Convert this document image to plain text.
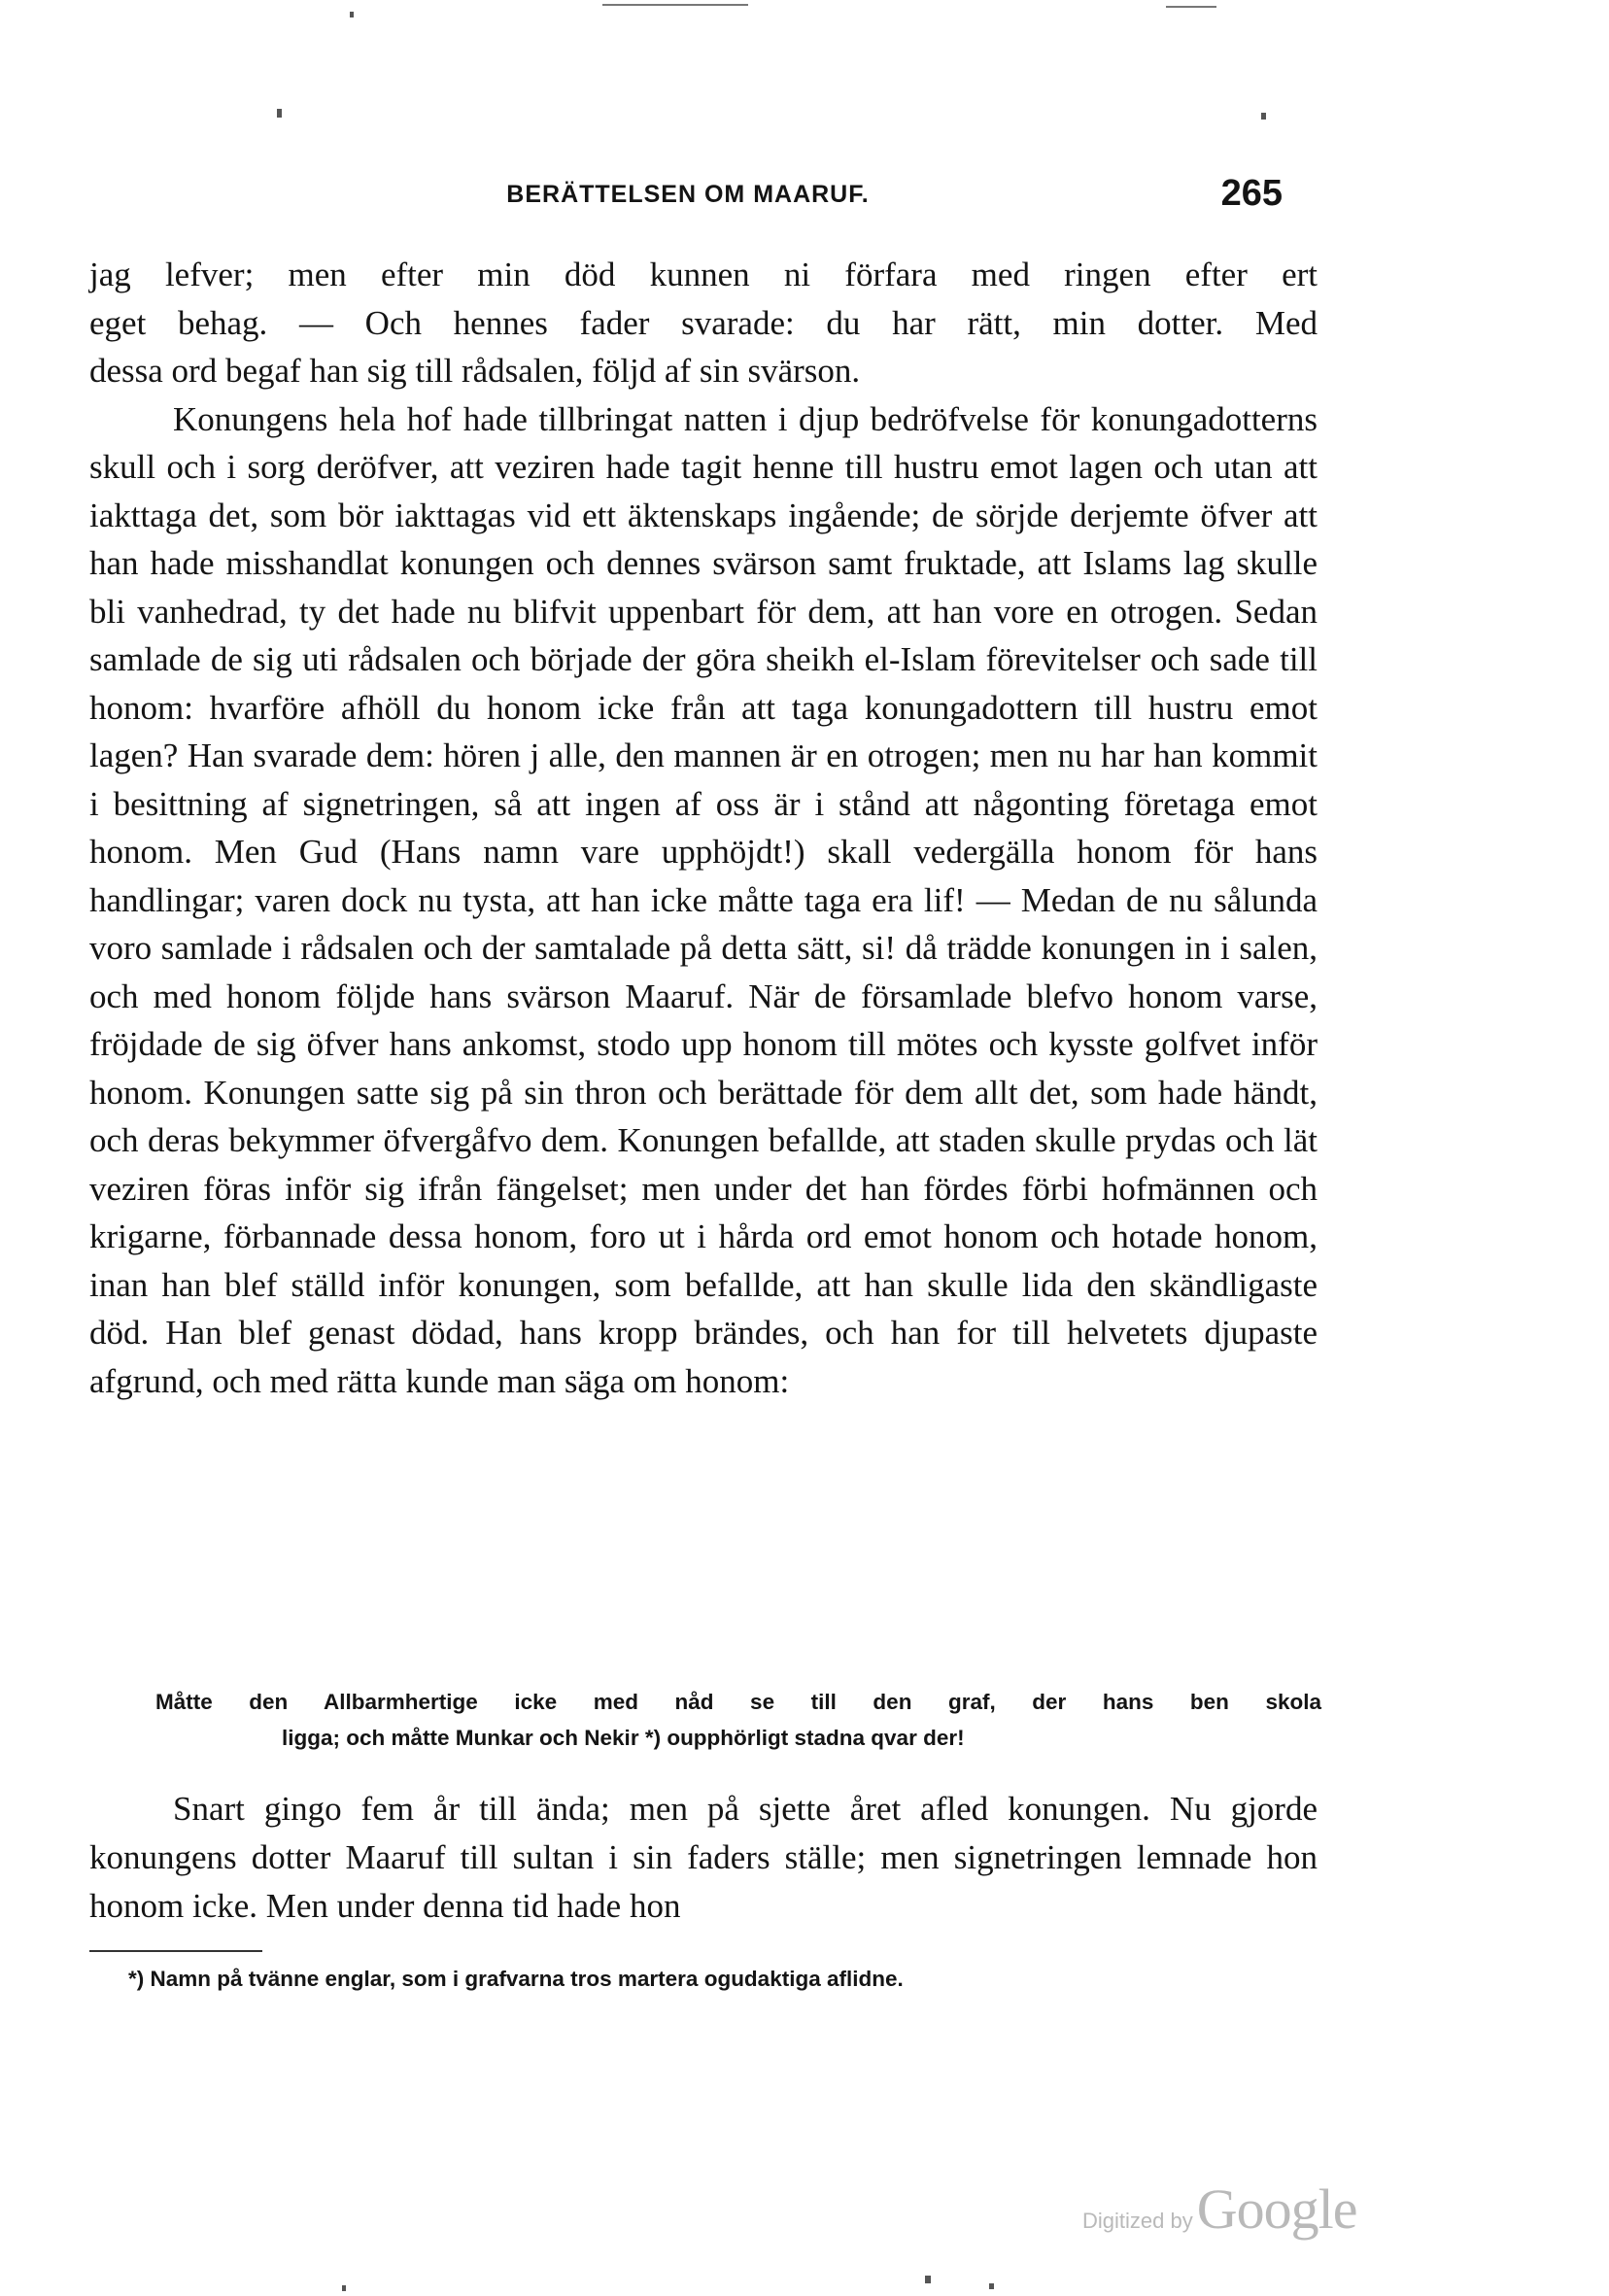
BERÄTTELSEN OM MAARUF.	265

jag lefver; men efter min död kunnen ni förfara med ringen efter ert

eget behag. — Och hennes fader svarade: du har rätt, min dotter. Med

dessa ord begaf han sig till rådsalen, följd af sin svärson.
Konungens hela hof hade tillbringat natten i djup bedröfvelse för konungadotterns skull och i sorg deröfver, att veziren hade tagit henne till hustru emot lagen och utan att iakttaga det, som bör iakttagas vid ett äktenskaps ingående; de sörjde derjemte öfver att han hade misshandlat konungen och dennes svärson samt fruktade, att Islams lag skulle bli vanhedrad, ty det hade nu blifvit uppenbart för dem, att han vore en otrogen. Sedan samlade de sig uti rådsalen och började der göra sheikh el-Islam förevitelser och sade till honom: hvarföre afhöll du honom icke från att taga konungadottern till hustru emot lagen? Han svarade dem: hören j alle, den mannen är en otrogen; men nu har han kommit i besittning af signetringen, så att ingen af oss är i stånd att någonting företaga emot honom. Men Gud (Hans namn vare upphöjdt!) skall vedergälla honom för hans handlingar; varen dock nu tysta, att han icke måtte taga era lif! — Medan de nu sålunda voro samlade i rådsalen och der samtalade på detta sätt, si! då trädde konungen in i salen, och med honom följde hans svärson Maaruf. När de församlade blefvo honom varse, fröjdade de sig öfver hans ankomst, stodo upp honom till mötes och kysste golfvet inför honom. Konungen satte sig på sin thron och berättade för dem allt det, som hade händt, och deras bekymmer öfvergåfvo dem. Konungen befallde, att staden skulle prydas och lät veziren föras inför sig ifrån fängelset; men under det han fördes förbi hofmännen och krigarne, förbannade dessa honom, foro ut i hårda ord emot honom och hotade honom, inan han blef ställd inför konungen, som befallde, att han skulle lida den skändligaste död. Han blef genast dödad, hans kropp brändes, och han for till helvetets djupaste afgrund, och med rätta kunde man säga om honom:

Måtte den Allbarmhertige icke med nåd se till den graf, der hans ben skola

ligga; och måtte Munkar och Nekir *) oupphörligt stadna qvar der!

Snart gingo fem år till ända; men på sjette året afled konungen. Nu gjorde konungens dotter Maaruf till sultan i sin faders ställe; men signetringen lemnade hon honom icke. Men under denna tid hade hon

*) Namn på tvänne englar, som i grafvarna tros martera ogudaktiga aflidne.
Digitized by Google
